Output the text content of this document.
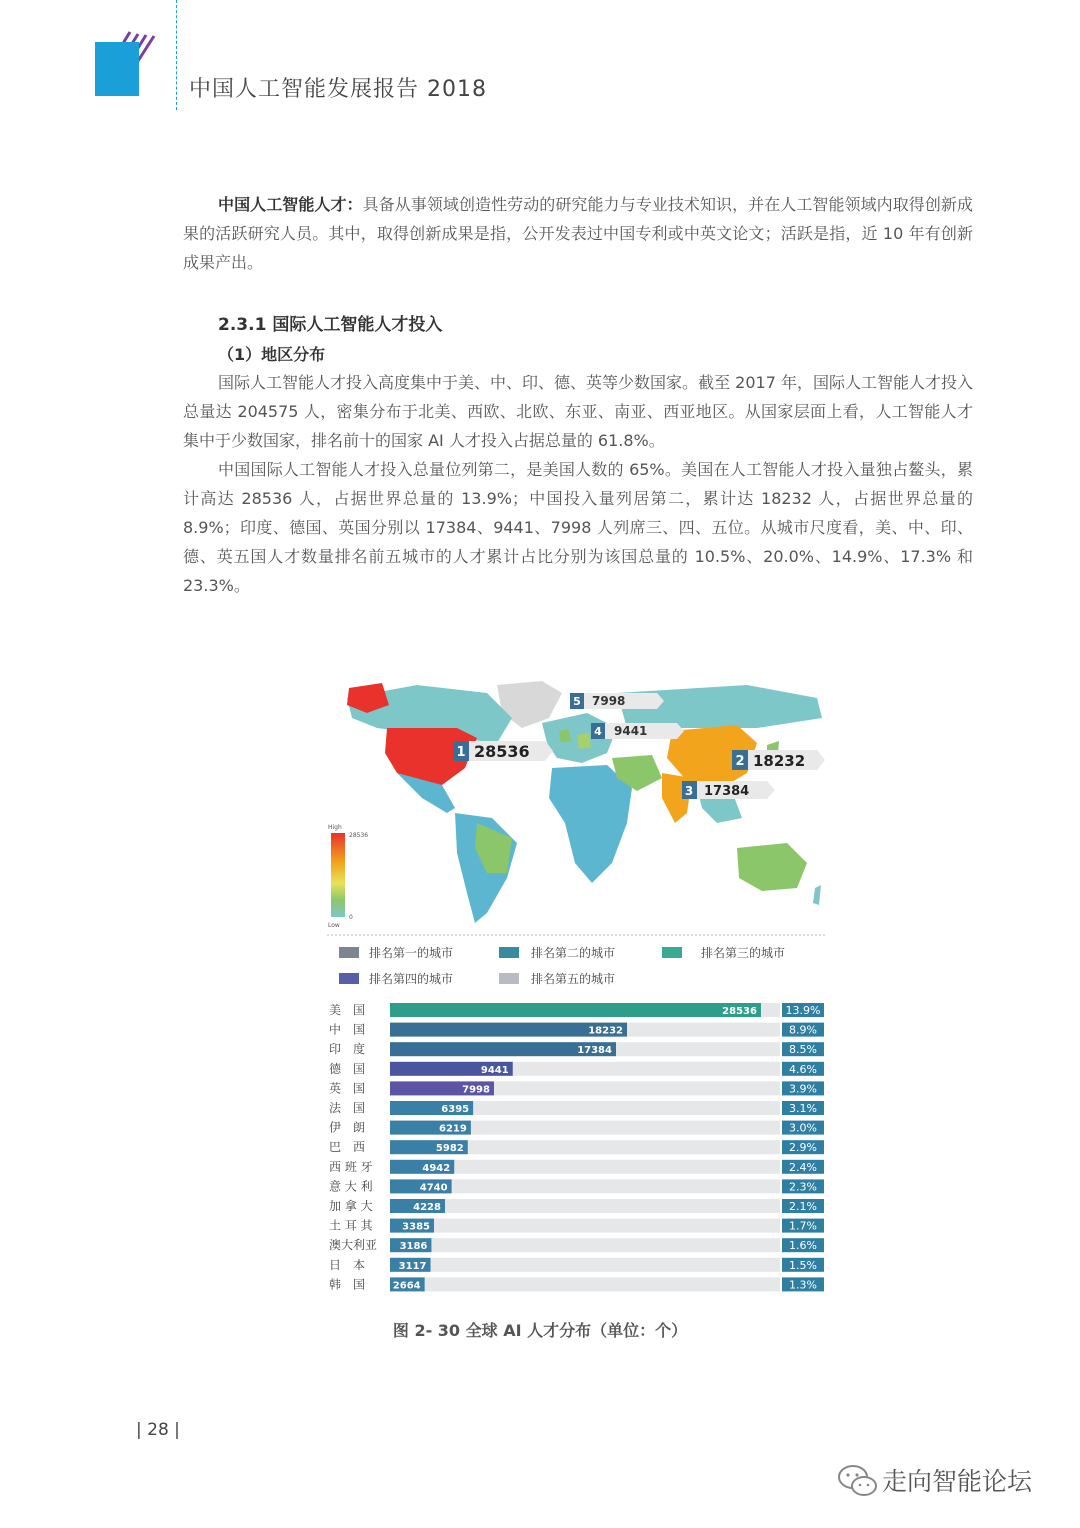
中国人工智能发展报告 2018
中国人工智能人才：具备从事领域创造性劳动的研究能力与专业技术知识，并在人工智能领域内取得创新成果的活跃研究人员。其中，取得创新成果是指，公开发表过中国专利或中英文论文；活跃是指，近 10 年有创新成果产出。
2.3.1 国际人工智能人才投入
（1）地区分布
国际人工智能人才投入高度集中于美、中、印、德、英等少数国家。截至 2017 年，国际人工智能人才投入总量达 204575 人，密集分布于北美、西欧、北欧、东亚、南亚、西亚地区。从国家层面上看，人工智能人才集中于少数国家，排名前十的国家 AI 人才投入占据总量的 61.8%。
中国国际人工智能人才投入总量位列第二，是美国人数的 65%。美国在人工智能人才投入量独占鳌头，累计高达 28536 人，占据世界总量的 13.9%；中国投入量列居第二，累计达 18232 人，占据世界总量的 8.9%；印度、德国、英国分别以 17384、9441、7998 人列席三、四、五位。从城市尺度看，美、中、印、德、英五国人才数量排名前五城市的人才累计占比分别为该国总量的 10.5%、20.0%、14.9%、17.3% 和 23.3%。
High
28536
0
Low
5 7998
4 9441
1 28536
2 18232
3 17384
排名第一的城市	排名第二的城市	排名第三的城市
排名第四的城市	排名第五的城市
美　国	28536	13.9%
中　国	18232	8.9%
印　度	17384	8.5%
德　国	9441	4.6%
英　国	7998	3.9%
法　国	6395	3.1%
伊　朗	6219	3.0%
巴　西	5982	2.9%
西 班 牙	4942	2.4%
意 大 利	4740	2.3%
加 拿 大	4228	2.1%
土 耳 其	3385	1.7%
澳大利亚 3186	1.6%
日　本	3117	1.5%
韩　国	2664	1.3%
图 2- 30 全球 AI 人才分布（单位：个）
| 28 |
走向智能论坛
